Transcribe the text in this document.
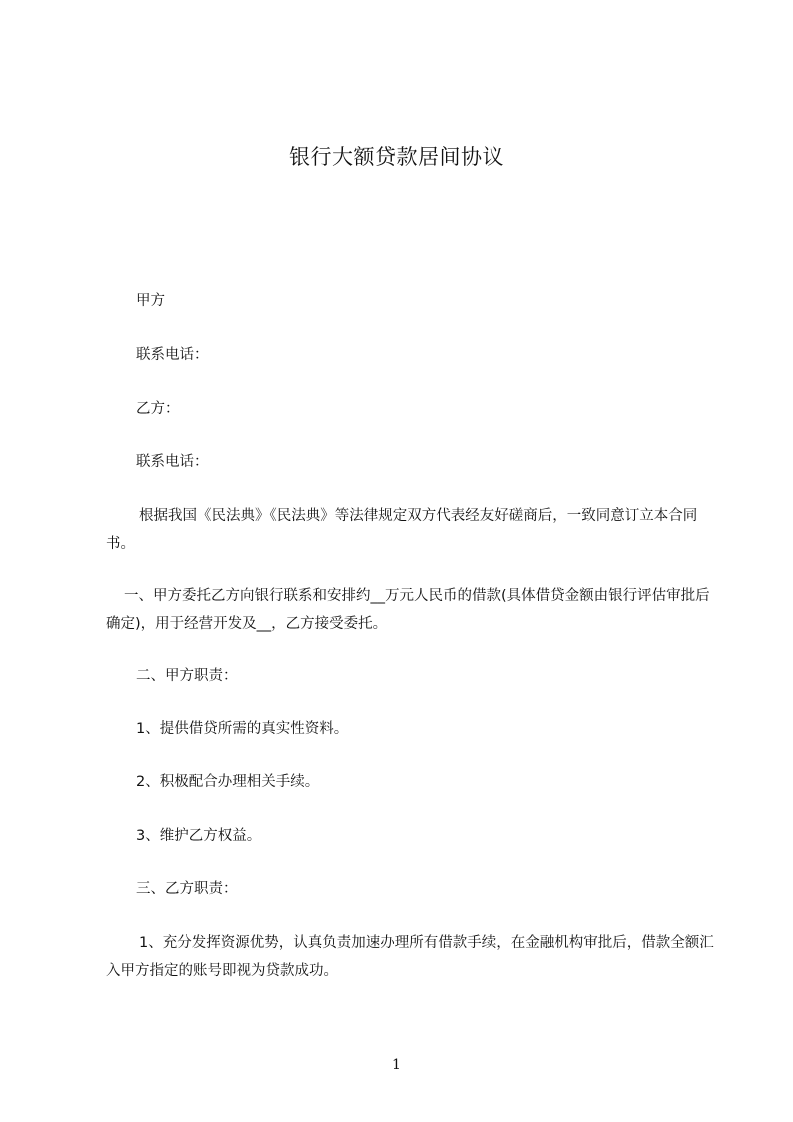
银行大额贷款居间协议

甲方

联系电话：

乙方：

联系电话：

根据我国《民法典》《民法典》等法律规定双方代表经友好磋商后，一致同意订立本合同书。

一、甲方委托乙方向银行联系和安排约__万元人民币的借款(具体借贷金额由银行评估审批后确定)，用于经营开发及__，乙方接受委托。

二、甲方职责：

1、提供借贷所需的真实性资料。

2、积极配合办理相关手续。

3、维护乙方权益。

三、乙方职责：

1、充分发挥资源优势，认真负责加速办理所有借款手续，在金融机构审批后，借款全额汇入甲方指定的账号即视为贷款成功。

1
